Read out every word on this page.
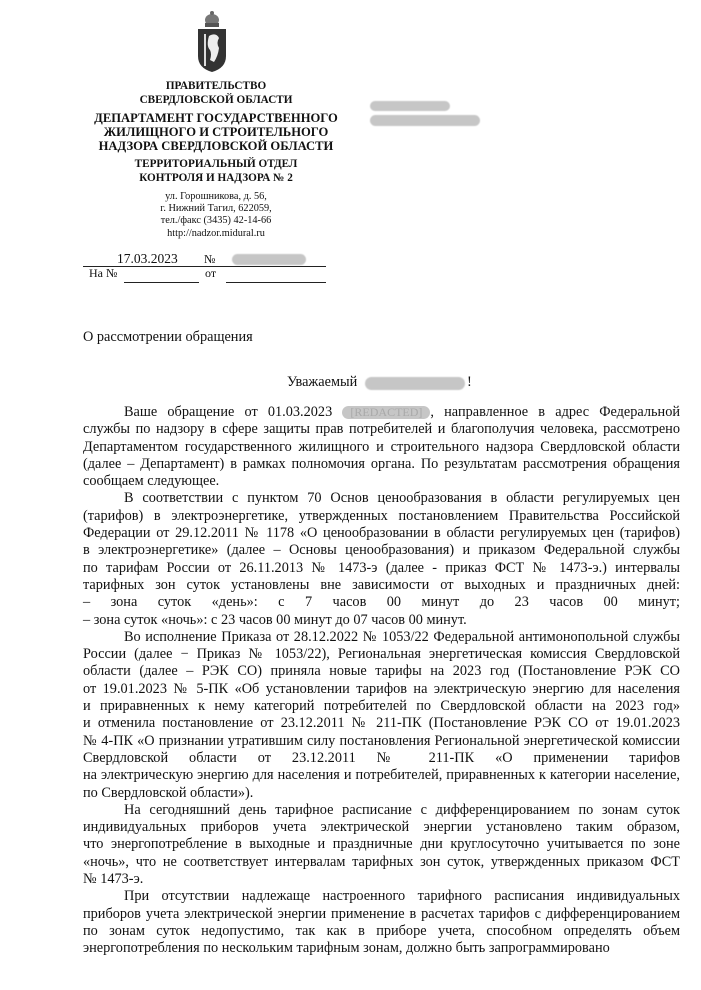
ПРАВИТЕЛЬСТВО
СВЕРДЛОВСКОЙ ОБЛАСТИ
ДЕПАРТАМЕНТ ГОСУДАРСТВЕННОГО
ЖИЛИЩНОГО И СТРОИТЕЛЬНОГО
НАДЗОРА СВЕРДЛОВСКОЙ ОБЛАСТИ
ТЕРРИТОРИАЛЬНЫЙ ОТДЕЛ
КОНТРОЛЯ И НАДЗОРА № 2
ул. Горошникова, д. 56,
г. Нижний Тагил, 622059,
тел./факс (3435) 42-14-66
http://nadzor.midural.ru
17.03.2023 №
На №	от
О рассмотрении обращения
Уважаемый	!
Ваше обращение от 01.03.2023 [REDACTED] , направленное в адрес Федеральной
службы по надзору в сфере защиты прав потребителей и благополучия человека, рассмотрено
Департаментом государственного жилищного и строительного надзора Свердловской области
(далее – Департамент) в рамках полномочия органа. По результатам рассмотрения обращения
сообщаем следующее.
В соответствии с пунктом 70 Основ ценообразования в области регулируемых цен
(тарифов) в электроэнергетике, утвержденных постановлением Правительства Российской
Федерации от 29.12.2011 № 1178 «О ценообразовании в области регулируемых цен (тарифов)
в электроэнергетике» (далее – Основы ценообразования) и приказом Федеральной службы
по тарифам России от 26.11.2013 № 1473-э (далее - приказ ФСТ № 1473-э.) интервалы
тарифных зон суток установлены вне зависимости от выходных и праздничных дней:
– зона суток «день»: с 7 часов 00 минут до 23 часов 00 минут;
– зона суток «ночь»: с 23 часов 00 минут до 07 часов 00 минут.
Во исполнение Приказа от 28.12.2022 № 1053/22 Федеральной антимонопольной службы
России (далее − Приказ № 1053/22), Региональная энергетическая комиссия Свердловской
области (далее – РЭК СО) приняла новые тарифы на 2023 год (Постановление РЭК СО
от 19.01.2023 № 5-ПК «Об установлении тарифов на электрическую энергию для населения
и приравненных к нему категорий потребителей по Свердловской области на 2023 год»
и отменила постановление от 23.12.2011 № 211-ПК (Постановление РЭК СО от 19.01.2023
№ 4-ПК «О признании утратившим силу постановления Региональной энергетической комиссии
Свердловской области от 23.12.2011 № 211-ПК «О применении тарифов
на электрическую энергию для населения и потребителей, приравненных к категории население,
по Свердловской области»).
На сегодняшний день тарифное расписание с дифференцированием по зонам суток
индивидуальных приборов учета электрической энергии установлено таким образом,
что энергопотребление в выходные и праздничные дни круглосуточно учитывается по зоне
«ночь», что не соответствует интервалам тарифных зон суток, утвержденных приказом ФСТ
№ 1473-э.
При отсутствии надлежаще настроенного тарифного расписания индивидуальных
приборов учета электрической энергии применение в расчетах тарифов с дифференцированием
по зонам суток недопустимо, так как в приборе учета, способном определять объем
энергопотребления по нескольким тарифным зонам, должно быть запрограммировано
